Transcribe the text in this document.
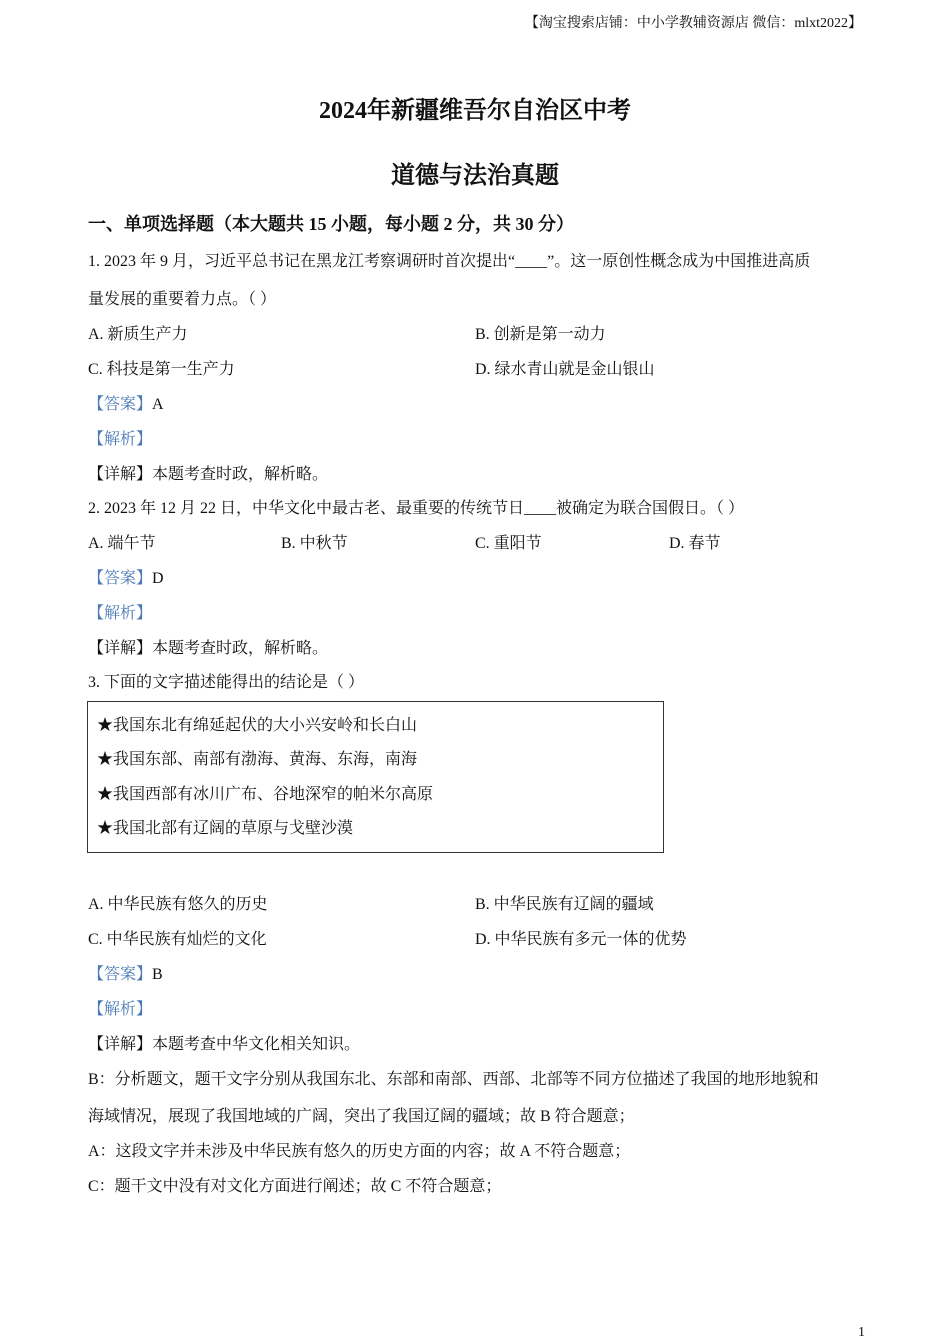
【淘宝搜索店铺：中小学教辅资源店 微信：mlxt2022】
2024年新疆维吾尔自治区中考
道德与法治真题
一、单项选择题（本大题共 15 小题，每小题 2 分，共 30 分）
1. 2023 年 9 月，习近平总书记在黑龙江考察调研时首次提出“____”。这一原创性概念成为中国推进高质
量发展的重要着力点。（ ）
A. 新质生产力	B. 创新是第一动力
C. 科技是第一生产力	D. 绿水青山就是金山银山
【答案】A
【解析】
【详解】本题考查时政，解析略。
2. 2023 年 12 月 22 日，中华文化中最古老、最重要的传统节日____被确定为联合国假日。（ ）
A. 端午节	B. 中秋节	C. 重阳节	D. 春节
【答案】D
【解析】
【详解】本题考查时政，解析略。
3. 下面的文字描述能得出的结论是（ ）
★我国东北有绵延起伏的大小兴安岭和长白山
★我国东部、南部有渤海、黄海、东海，南海
★我国西部有冰川广布、谷地深窄的帕米尔高原
★我国北部有辽阔的草原与戈壁沙漠
A. 中华民族有悠久的历史	B. 中华民族有辽阔的疆域
C. 中华民族有灿烂的文化	D. 中华民族有多元一体的优势
【答案】B
【解析】
【详解】本题考查中华文化相关知识。
B：分析题文，题干文字分别从我国东北、东部和南部、西部、北部等不同方位描述了我国的地形地貌和
海域情况，展现了我国地域的广阔，突出了我国辽阔的疆域；故 B 符合题意；
A：这段文字并未涉及中华民族有悠久的历史方面的内容；故 A 不符合题意；
C：题干文中没有对文化方面进行阐述；故 C 不符合题意；
1
